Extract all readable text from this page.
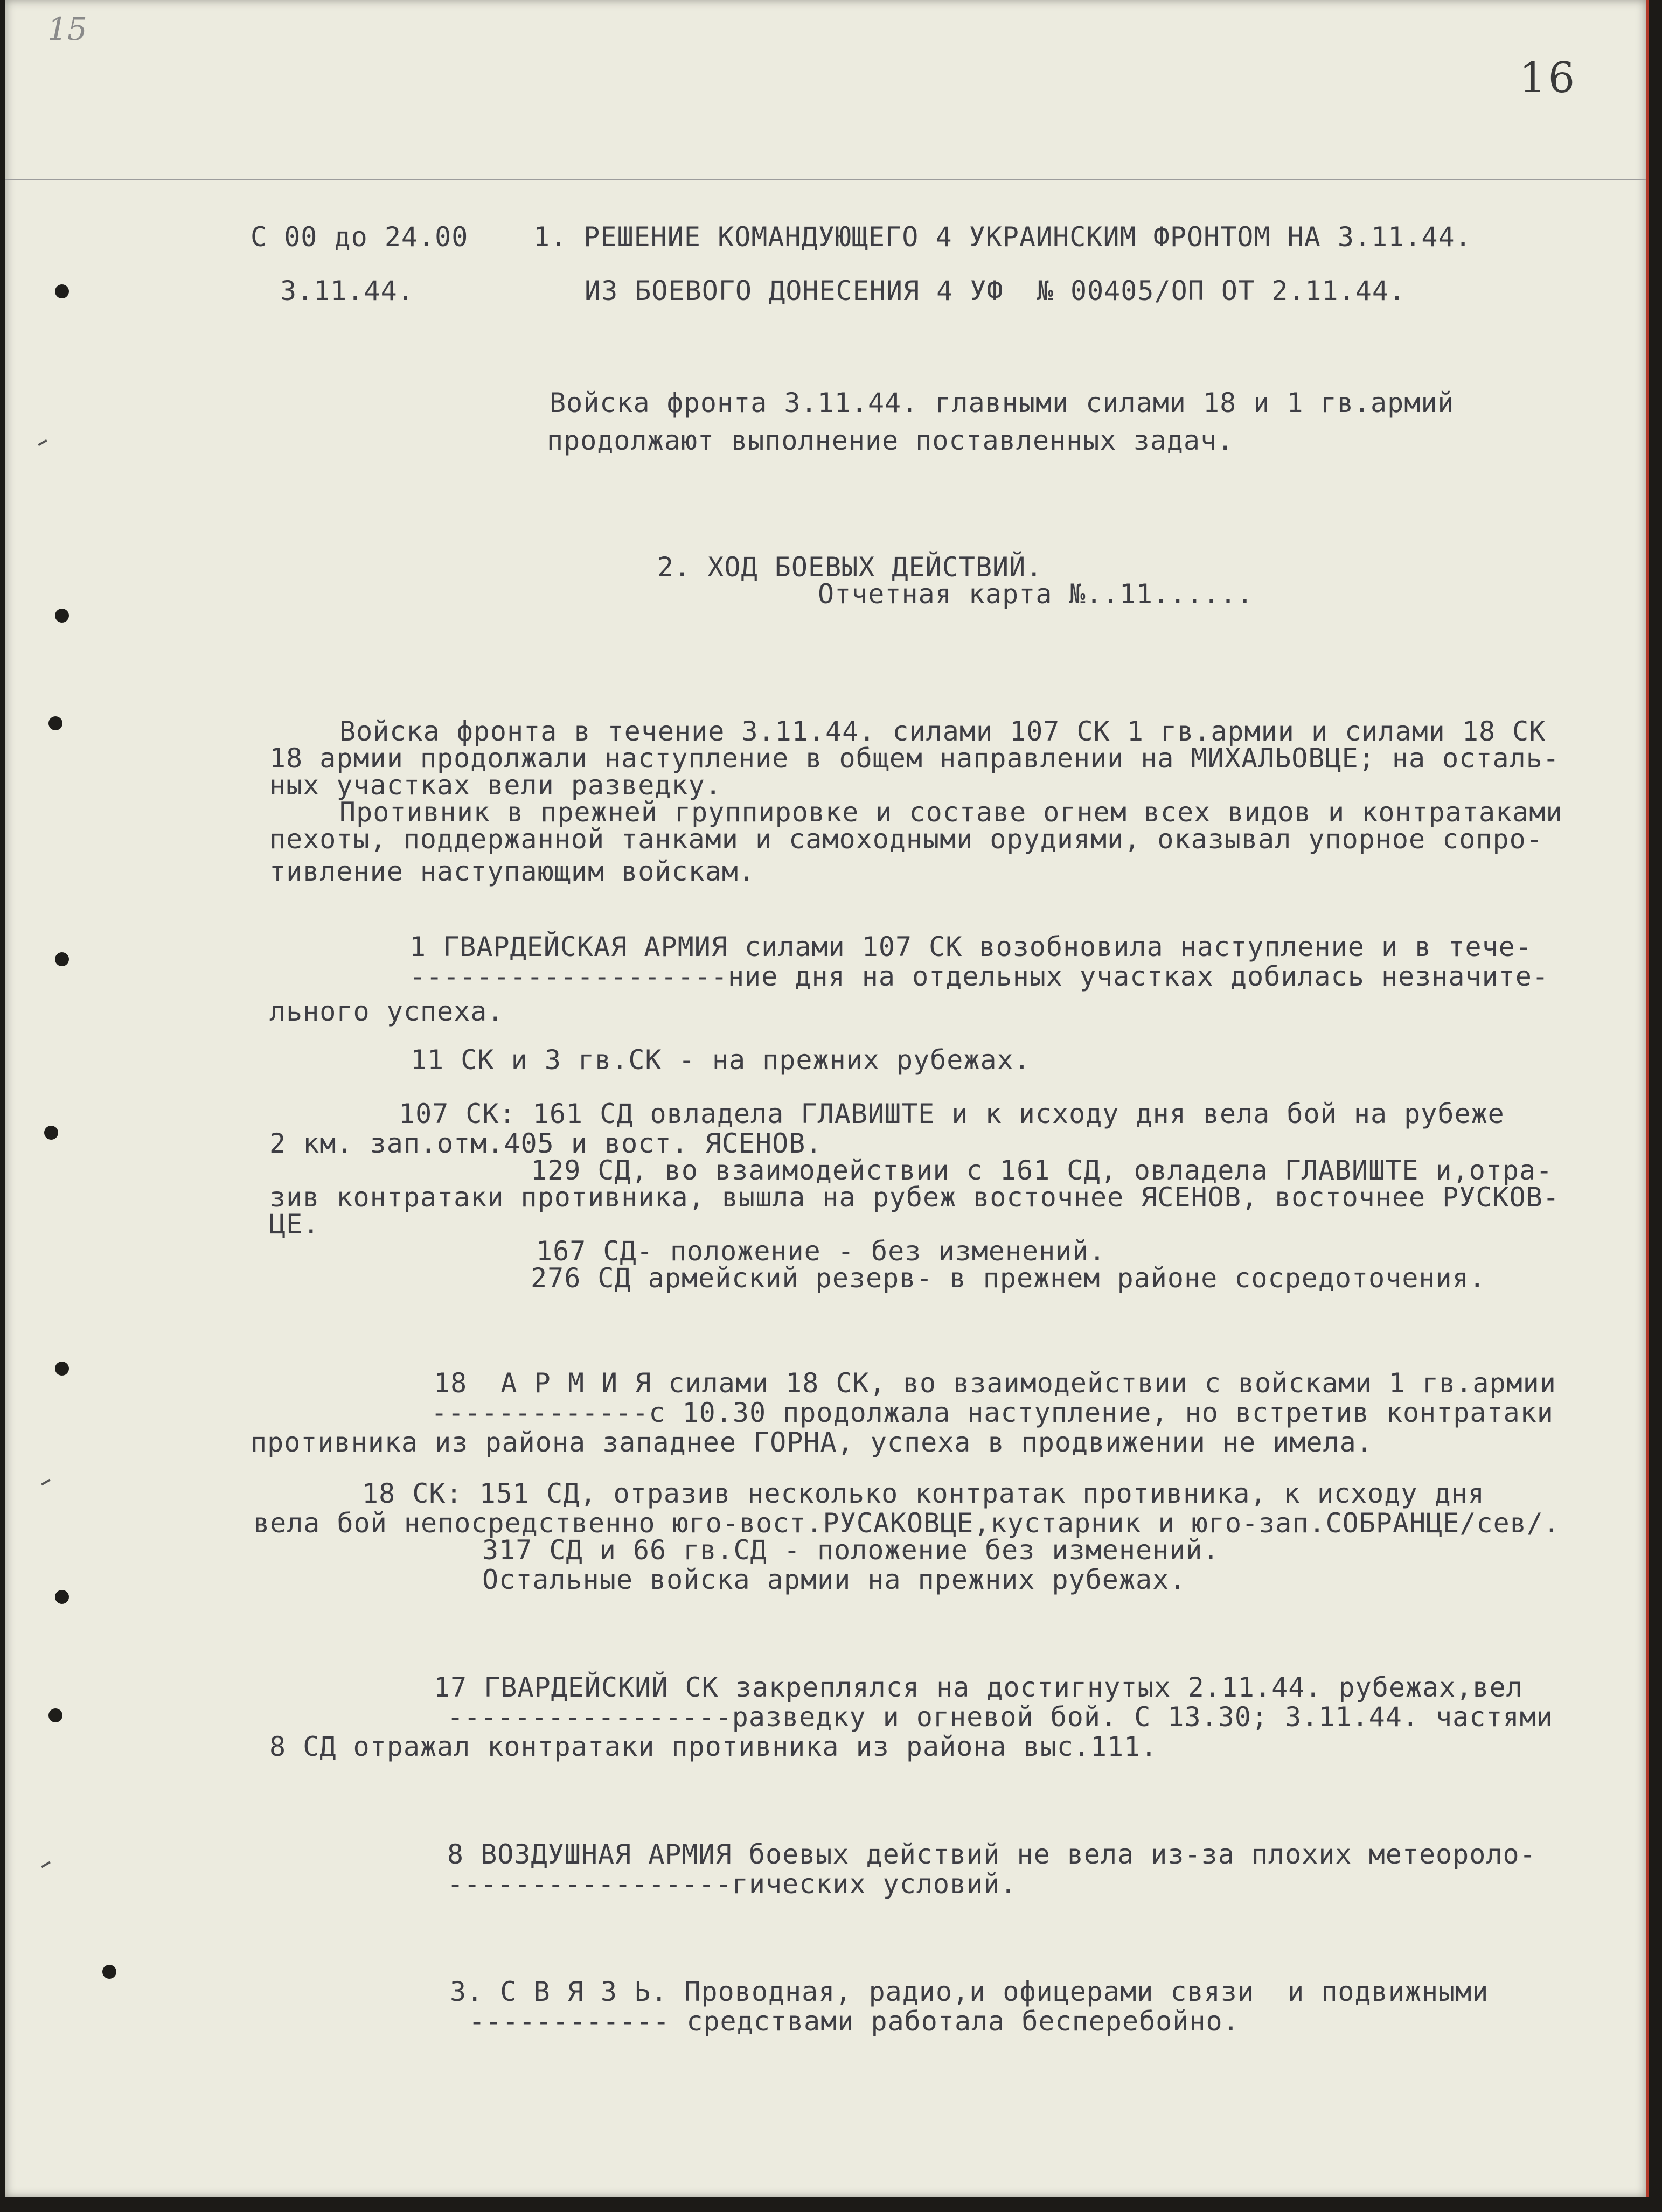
15
16
С 00 до 24.00
3.11.44.
1. РЕШЕНИЕ КОМАНДУЮЩЕГО 4 УКРАИНСКИМ ФРОНТОМ НА 3.11.44.
ИЗ БОЕВОГО ДОНЕСЕНИЯ 4 УФ  № 00405/ОП ОТ 2.11.44.
Войска фронта 3.11.44. главными силами 18 и 1 гв.армий
продолжают выполнение поставленных задач.
2. ХОД БОЕВЫХ ДЕЙСТВИЙ.
Отчетная карта №..11......
Войска фронта в течение 3.11.44. силами 107 СК 1 гв.армии и силами 18 СК
18 армии продолжали наступление в общем направлении на МИХАЛЬОВЦЕ; на осталь-
ных участках вели разведку.
Противник в прежней группировке и составе огнем всех видов и контратаками
пехоты, поддержанной танками и самоходными орудиями, оказывал упорное сопро-
тивление наступающим войскам.
1 ГВАРДЕЙСКАЯ АРМИЯ силами 107 СК возобновила наступление и в тече-
-------------------ние дня на отдельных участках добилась незначите-
льного успеха.
11 СК и 3 гв.СК - на прежних рубежах.
107 СК: 161 СД овладела ГЛАВИШТЕ и к исходу дня вела бой на рубеже
2 км. зап.отм.405 и вост. ЯСЕНОВ.
129 СД, во взаимодействии с 161 СД, овладела ГЛАВИШТЕ и,отра-
зив контратаки противника, вышла на рубеж восточнее ЯСЕНОВ, восточнее РУСКОВ-
ЦЕ.
167 СД- положение - без изменений.
276 СД армейский резерв- в прежнем районе сосредоточения.
18  А Р М И Я силами 18 СК, во взаимодействии с войсками 1 гв.армии
-------------с 10.30 продолжала наступление, но встретив контратаки
противника из района западнее ГОРНА, успеха в продвижении не имела.
18 СК: 151 СД, отразив несколько контратак противника, к исходу дня
вела бой непосредственно юго-вост.РУСАКОВЦЕ,кустарник и юго-зап.СОБРАНЦЕ/сев/.
317 СД и 66 гв.СД - положение без изменений.
Остальные войска армии на прежних рубежах.
17 ГВАРДЕЙСКИЙ СК закреплялся на достигнутых 2.11.44. рубежах,вел
-----------------разведку и огневой бой. С 13.30; 3.11.44. частями
8 СД отражал контратаки противника из района выс.111.
8 ВОЗДУШНАЯ АРМИЯ боевых действий не вела из-за плохих метеороло-
-----------------гических условий.
3. С В Я З Ь. Проводная, радио,и офицерами связи  и подвижными
------------ средствами работала бесперебойно.
